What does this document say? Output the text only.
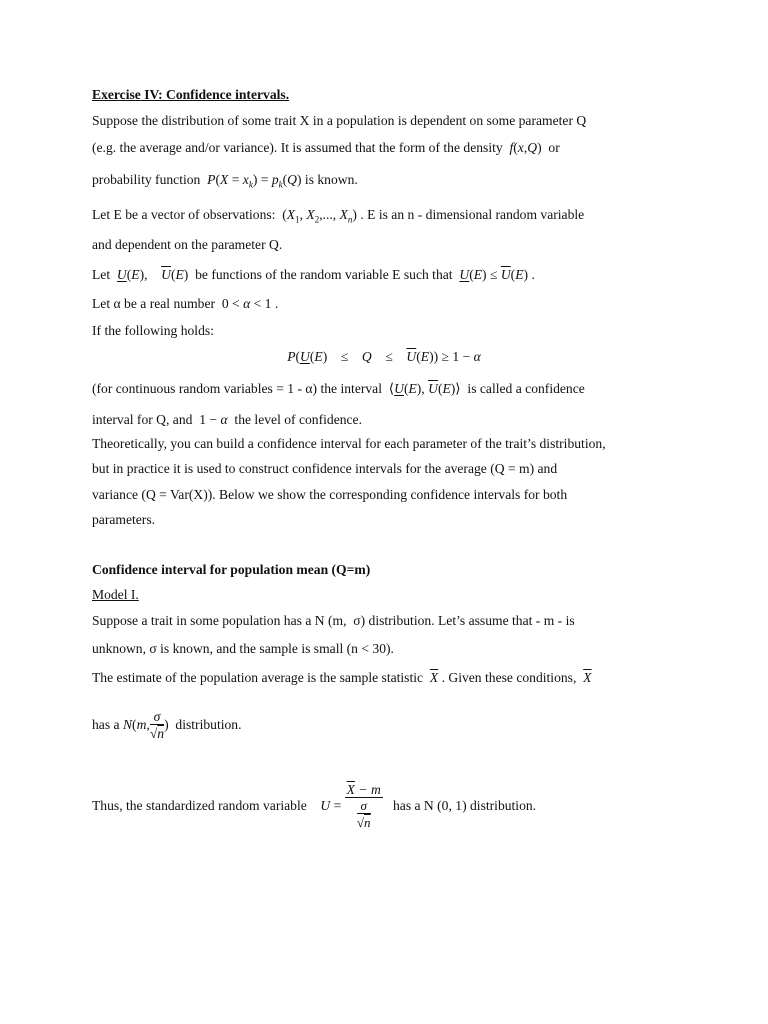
Exercise IV: Confidence intervals.
Suppose the distribution of some trait X in a population is dependent on some parameter Q
(e.g. the average and/or variance). It is assumed that the form of the density f(x,Q)  or
probability function $P(X = x_k) = p_k(Q)$ is known.
Let E be a vector of observations: ($X_1$, $X_2$,..., $X_n$) . E is an n - dimensional random variable
and dependent on the parameter Q.
Let U(E),    $\overline{U}(E)$  be functions of the random variable E such that $U(E) \le \overline{U}(E)$ .
Let α be a real number  0 < α < 1 .
If the following holds:
P(U(E)    ≤    Q    ≤    $\overline{U}(E)) \ge 1 - \alpha$
(for continuous random variables = 1 - α) the interval ⟨U(E), $\overline{U}(E)⟩$ is called a confidence
interval for Q, and  1 − α the level of confidence.
Theoretically, you can build a confidence interval for each parameter of the trait’s distribution,
but in practice it is used to construct confidence intervals for the average (Q = m) and
variance (Q = Var(X)). Below we show the corresponding confidence intervals for both
parameters.
Confidence interval for population mean (Q=m)
Model I.
Suppose a trait in some population has a N (m,  σ) distribution. Let’s assume that - m - is
unknown, σ is known, and the sample is small (n < 30).
The estimate of the population average is the sample statistic $\overline{X}$ . Given these conditions, $\overline{X}$
has a N(m, $\frac{\sigma}{√n}$ )  distribution.
Thus, the standardized random variable $U = \frac{\overline{X} - m}{\frac{\sigma}{√n}}$ has a N (0, 1) distribution.
